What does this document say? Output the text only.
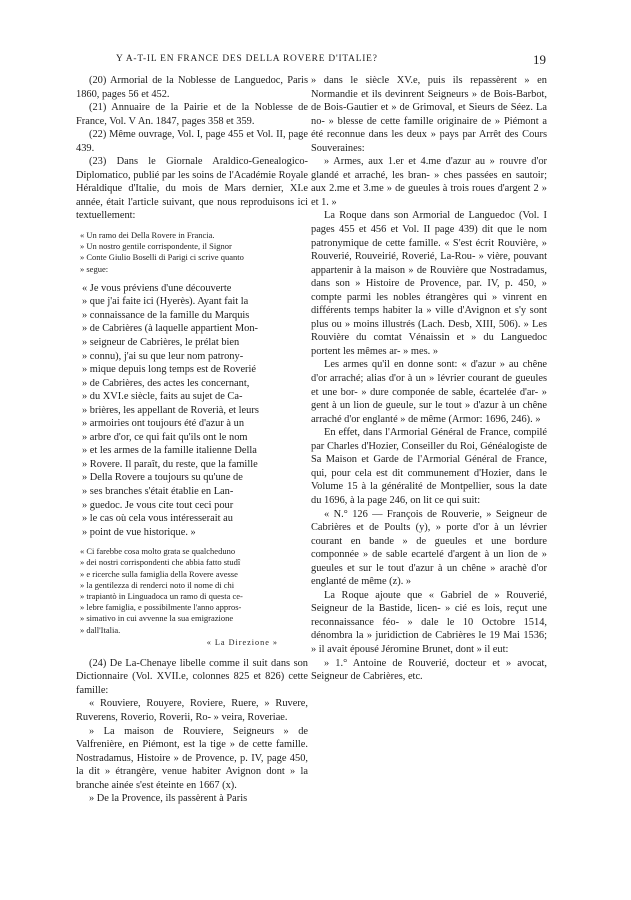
Y A-T-IL EN FRANCE DES DELLA ROVERE D'ITALIE?	19

(20) Armorial de la Noblesse de Languedoc, Paris 1860, pages 56 et 452.

(21) Annuaire de la Pairie et de la Noblesse de France, Vol. V An. 1847, pages 358 et 359.

(22) Même ouvrage, Vol. I, page 455 et Vol. II, page 439.

(23) Dans le Giornale Araldico-Genealogico-Diplomatico, publié par les soins de l'Académie Royale Héraldique d'Italie, du mois de Mars dernier, XI.e année, était l'article suivant, que nous reproduisons ici textuellement:

« Un ramo dei Della Rovere in Francia.

» Un nostro gentile corrispondente, il Signor

» Conte Giulio Boselli di Parigi ci scrive quanto

» segue:

« Je vous préviens d'une découverte

» que j'ai faite ici (Hyerès). Ayant fait la

» connaissance de la famille du Marquis

» de Cabrières (à laquelle appartient Mon-

» seigneur de Cabrières, le prélat bien

» connu), j'ai su que leur nom patrony-

» mique depuis long temps est de Roverié

» de Cabrières, des actes les concernant,

» du XVI.e siècle, faits au sujet de Ca-

» brières, les appellant de Roverià, et leurs

» armoiries ont toujours été d'azur à un

» arbre d'or, ce qui fait qu'ils ont le nom

» et les armes de la famille italienne Della

» Rovere. Il paraît, du reste, que la famille

» Della Rovere a toujours su qu'une de

» ses branches s'était établie en Lan-

» guedoc. Je vous cite tout ceci pour

» le cas où cela vous intéresserait au

» point de vue historique. »

« Ci farebbe cosa molto grata se qualcheduno

» dei nostri corrispondenti che abbia fatto studî

» e ricerche sulla famiglia della Rovere avesse

» la gentilezza di renderci noto il nome di chi

» trapiantò in Linguadoca un ramo di questa ce-

» lebre famiglia, e possibilmente l'anno appros-

» simativo in cui avvenne la sua emigrazione

» dall'Italia.

« La Direzione »

(24) De La-Chenaye libelle comme il suit dans son Dictionnaire (Vol. XVII.e, colonnes 825 et 826) cette famille:

« Rouviere, Rouyere, Roviere, Ruere, » Ruvere, Ruverens, Roverio, Roverii, Ro- » veira, Roveriae.

» La maison de Rouviere, Seigneurs » de Valfrenière, en Piémont, est la tige » de cette famille. Nostradamus, Histoire » de Provence, p. IV, page 450, la dit » étrangère, venue habiter Avignon dont » la branche ainée s'est éteinte en 1667 (x).

» De la Provence, ils passèrent à Paris

» dans le siècle XV.e, puis ils repassèrent » en Normandie et ils devinrent Seigneurs » de Bois-Barbot, de Bois-Gautier et » de Grimoval, et Sieurs de Séez. La no- » blesse de cette famille originaire de » Piémont a été reconnue dans les deux » pays par Arrêt des Cours Souveraines:

» Armes, aux 1.er et 4.me d'azur au » rouvre d'or glandé et arraché, les bran- » ches passées en sautoir; aux 2.me et 3.me » de gueules à trois roues d'argent 2 » et 1. »

La Roque dans son Armorial de Languedoc (Vol. I pages 455 et 456 et Vol. II page 439) dit que le nom patronymique de cette famille. « S'est écrit Rouvière, » Rouverié, Rouveirié, Roverié, La-Rou- » vière, pouvant appartenir à la maison » de Rouvière que Nostradamus, dans son » Histoire de Provence, par. IV, p. 450, » compte parmi les nobles étrangères qui » vinrent en différents temps habiter la » ville d'Avignon et s'y sont plus ou » moins illustrés (Lach. Desb, XIII, 506). » Les Rouvière du comtat Vénaissin et » du Languedoc portent les mêmes ar- » mes. »

Les armes qu'il en donne sont: « d'azur » au chêne d'or arraché; alias d'or à un » lévrier courant de gueules et une bor- » dure componée de sable, écartelée d'ar- » gent à un lion de gueule, sur le tout » d'azur à un chêne arraché d'or englanté » de même (Armor: 1696, 246). »

En effet, dans l'Armorial Général de France, compilé par Charles d'Hozier, Conseiller du Roi, Généalogiste de Sa Maison et Garde de l'Armorial Général de France, qui, pour cela est dit communement d'Hozier, dans le Volume 15 à la généralité de Montpellier, sous la date du 1696, à la page 246, on lit ce qui suit:

« N.° 126 — François de Rouverie, » Seigneur de Cabrières et de Poults (y), » porte d'or à un lévrier courant en bande » de gueules et une bordure componnée » de sable ecartelé d'argent à un lion de » gueules et sur le tout d'azur à un chêne » arachè d'or englanté de même (z). »

La Roque ajoute que « Gabriel de » Rouverié, Seigneur de la Bastide, licen- » cié es lois, reçut une reconnaissance féo- » dale le 10 Octobre 1514, dénombra la » juridiction de Cabrières le 19 Mai 1536; » il avait épousé Jéromine Brunet, dont » il eut:

» 1.° Antoine de Rouverié, docteur et » avocat, Seigneur de Cabrières, etc.
